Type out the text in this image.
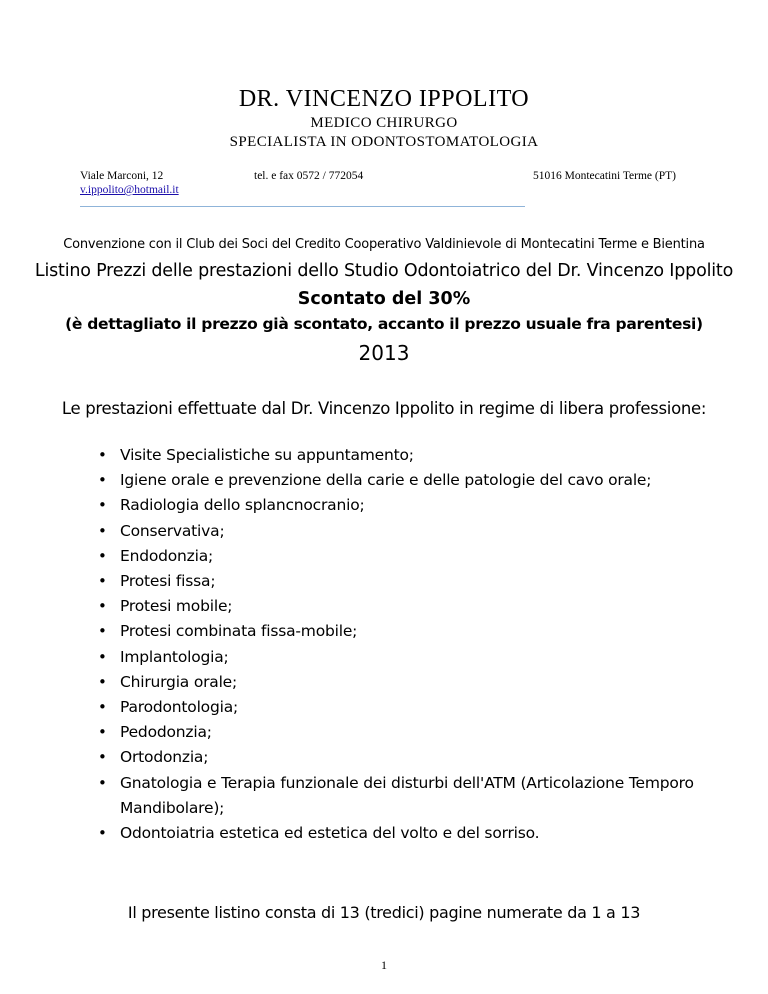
DR. VINCENZO IPPOLITO
MEDICO CHIRURGO
SPECIALISTA IN ODONTOSTOMATOLOGIA
Viale Marconi, 12	tel. e fax 0572 / 772054	51016 Montecatini Terme (PT)
v.ippolito@hotmail.it
Convenzione con il Club dei Soci del Credito Cooperativo Valdinievole di Montecatini Terme e Bientina
Listino Prezzi delle prestazioni dello Studio Odontoiatrico del Dr. Vincenzo Ippolito
Scontato del 30%
(è dettagliato il prezzo già scontato, accanto il prezzo usuale fra parentesi)
2013
Le prestazioni effettuate dal Dr. Vincenzo Ippolito in regime di libera professione:
• Visite Specialistiche su appuntamento;
• Igiene orale e prevenzione della carie e delle patologie del cavo orale;
• Radiologia dello splancnocranio;
• Conservativa;
• Endodonzia;
• Protesi fissa;
• Protesi mobile;
• Protesi combinata fissa-mobile;
• Implantologia;
• Chirurgia orale;
• Parodontologia;
• Pedodonzia;
• Ortodonzia;
• Gnatologia e Terapia funzionale dei disturbi dell'ATM (Articolazione Temporo Mandibolare);
• Odontoiatria estetica ed estetica del volto e del sorriso.
Il presente listino consta di 13 (tredici) pagine numerate da 1 a 13
1
